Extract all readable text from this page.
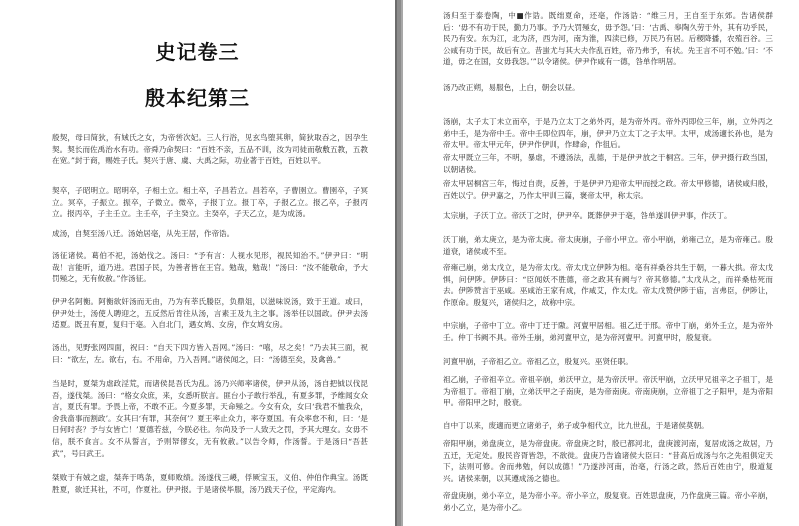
史记卷三
殷本纪第三

殷契，母曰简狄，有娀氏之女，为帝喾次妃。三人行浴，见玄鸟堕其卵，简狄取吞之，因孕生契。契长而佐禹治水有功。帝舜乃命契曰：“百姓不亲，五品不训，汝为司徒而敬敷五教，五教在宽。”封于商，赐姓子氏。契兴于唐、虞、大禹之际，功业著于百姓，百姓以平。

契卒，子昭明立。昭明卒，子相土立。相土卒，子昌若立。昌若卒，子曹圉立。曹圉卒，子冥立。冥卒，子振立。振卒，子微立。微卒，子报丁立。报丁卒，子报乙立。报乙卒，子报丙立。报丙卒，子主壬立。主壬卒，子主癸立。主癸卒，子天乙立，是为成汤。

成汤，自契至汤八迁。汤始居亳，从先王居，作帝诰。

汤征诸侯。葛伯不祀，汤始伐之。汤曰：“予有言：人视水见形，视民知治不。”伊尹曰：“明哉！言能听，道乃进。君国子民，为善者皆在王官。勉哉，勉哉！”汤曰：“汝不能敬命，予大罚殛之，无有攸赦。”作汤征。

伊尹名阿衡。阿衡欲奸汤而无由，乃为有莘氏媵臣，负鼎俎，以滋味说汤，致于王道。或曰，伊尹处士，汤使人聘迎之，五反然后肯往从汤，言素王及九主之事。汤举任以国政。伊尹去汤适夏。既丑有夏，复归于亳。入自北门，遇女鸠、女房，作女鸠女房。

汤出，见野张网四面，祝曰：“自天下四方皆入吾网。”汤曰：“嘻，尽之矣！”乃去其三面，祝曰：“欲左，左。欲右，右。不用命，乃入吾网。”诸侯闻之，曰：“汤德至矣，及禽兽。”

当是时，夏桀为虐政淫荒，而诸侯昆吾氏为乱。汤乃兴师率诸侯，伊尹从汤，汤自把钺以伐昆吾，遂伐桀。汤曰：“格女众庶，来，女悉听朕言。匪台小子敢行举乱，有夏多罪，予维闻女众言，夏氏有罪。予畏上帝，不敢不正。今夏多罪，天命殛之。今女有众，女曰‘我君不恤我众，舍我啬事而割政’。女其曰‘有罪，其奈何’？夏王率止众力，率夺夏国。有众率怠不和，曰：‘是日何时丧？予与女皆亡！’夏德若兹，今朕必往。尔尚及予一人致天之罚，予其大理女。女毋不信，朕不食言。女不从誓言，予则帑僇女，无有攸赦。”以告令师，作汤誓。于是汤曰“吾甚武”，号曰武王。

桀败于有娀之虚，桀奔于鸣条，夏师败绩。汤遂伐三嵕，俘厥宝玉，义伯、仲伯作典宝。汤既胜夏，欲迁其社，不可，作夏社。伊尹报。于是诸侯毕服，汤乃践天子位，平定海内。

汤归至于泰卷陶，中■作诰。既绌夏命，还亳，作汤诰：“维三月，王自至于东郊。告诸侯群后：‘毋不有功于民，勤力乃事。予乃大罚殛女，毋予怨。’曰：‘古禹、皋陶久劳于外，其有功乎民，民乃有安。东为江，北为济，西为河，南为淮，四渎已修，万民乃有居。后稷降播，农殖百谷。三公咸有功于民，故后有立。昔蚩尤与其大夫作乱百姓，帝乃弗予，有状。先王言不可不勉。’曰：‘不道，毋之在国，女毋我怨。’”以令诸侯。伊尹作咸有一德，咎单作明居。

汤乃改正朔，易服色，上白，朝会以昼。

汤崩，太子太丁未立而卒，于是乃立太丁之弟外丙，是为帝外丙。帝外丙即位三年，崩，立外丙之弟中壬，是为帝中壬。帝中壬即位四年，崩，伊尹乃立太丁之子太甲。太甲，成汤適长孙也，是为帝太甲。帝太甲元年，伊尹作伊训，作肆命，作徂后。

帝太甲既立三年，不明，暴虐，不遵汤法，乱德，于是伊尹放之于桐宫。三年，伊尹摄行政当国，以朝诸侯。

帝太甲居桐宫三年，悔过自责，反善，于是伊尹乃迎帝太甲而授之政。帝太甲修德，诸侯咸归殷，百姓以宁。伊尹嘉之，乃作太甲训三篇，褒帝太甲，称太宗。

太宗崩，子沃丁立。帝沃丁之时，伊尹卒。既葬伊尹于亳，咎单遂训伊尹事，作沃丁。

沃丁崩，弟太庚立，是为帝太庚。帝太庚崩，子帝小甲立。帝小甲崩，弟雍己立，是为帝雍己。殷道衰，诸侯或不至。

帝雍己崩，弟太戊立，是为帝太戊。帝太戊立伊陟为相。亳有祥桑谷共生于朝，一暮大拱。帝太戊惧，问伊陟。伊陟曰：“臣闻妖不胜德，帝之政其有阙与？帝其修德。”太戊从之，而祥桑枯死而去。伊陟赞言于巫咸。巫咸治王家有成，作咸艾，作太戊。帝太戊赞伊陟于庙，言弗臣，伊陟让，作原命。殷复兴，诸侯归之，故称中宗。

中宗崩，子帝中丁立。帝中丁迁于隞。河亶甲居相。祖乙迁于邢。帝中丁崩，弟外壬立，是为帝外壬。仲丁书阙不具。帝外壬崩，弟河亶甲立，是为帝河亶甲。河亶甲时，殷复衰。

河亶甲崩，子帝祖乙立。帝祖乙立，殷复兴。巫贤任职。

祖乙崩，子帝祖辛立。帝祖辛崩，弟沃甲立，是为帝沃甲。帝沃甲崩，立沃甲兄祖辛之子祖丁，是为帝祖丁。帝祖丁崩，立弟沃甲之子南庚，是为帝南庚。帝南庚崩，立帝祖丁之子阳甲，是为帝阳甲。帝阳甲之时，殷衰。

自中丁以来，废適而更立诸弟子，弟子或争相代立，比九世乱，于是诸侯莫朝。

帝阳甲崩，弟盘庚立，是为帝盘庚。帝盘庚之时，殷已都河北，盘庚渡河南，复居成汤之故居，乃五迁，无定处。殷民咨胥皆怨，不欲徙。盘庚乃告谕诸侯大臣曰：“昔高后成汤与尔之先祖俱定天下，法则可修。舍而弗勉，何以成德！”乃遂涉河南，治亳，行汤之政，然后百姓由宁，殷道复兴。诸侯来朝，以其遵成汤之德也。

帝盘庚崩，弟小辛立，是为帝小辛。帝小辛立，殷复衰。百姓思盘庚，乃作盘庚三篇。帝小辛崩，弟小乙立，是为帝小乙。
